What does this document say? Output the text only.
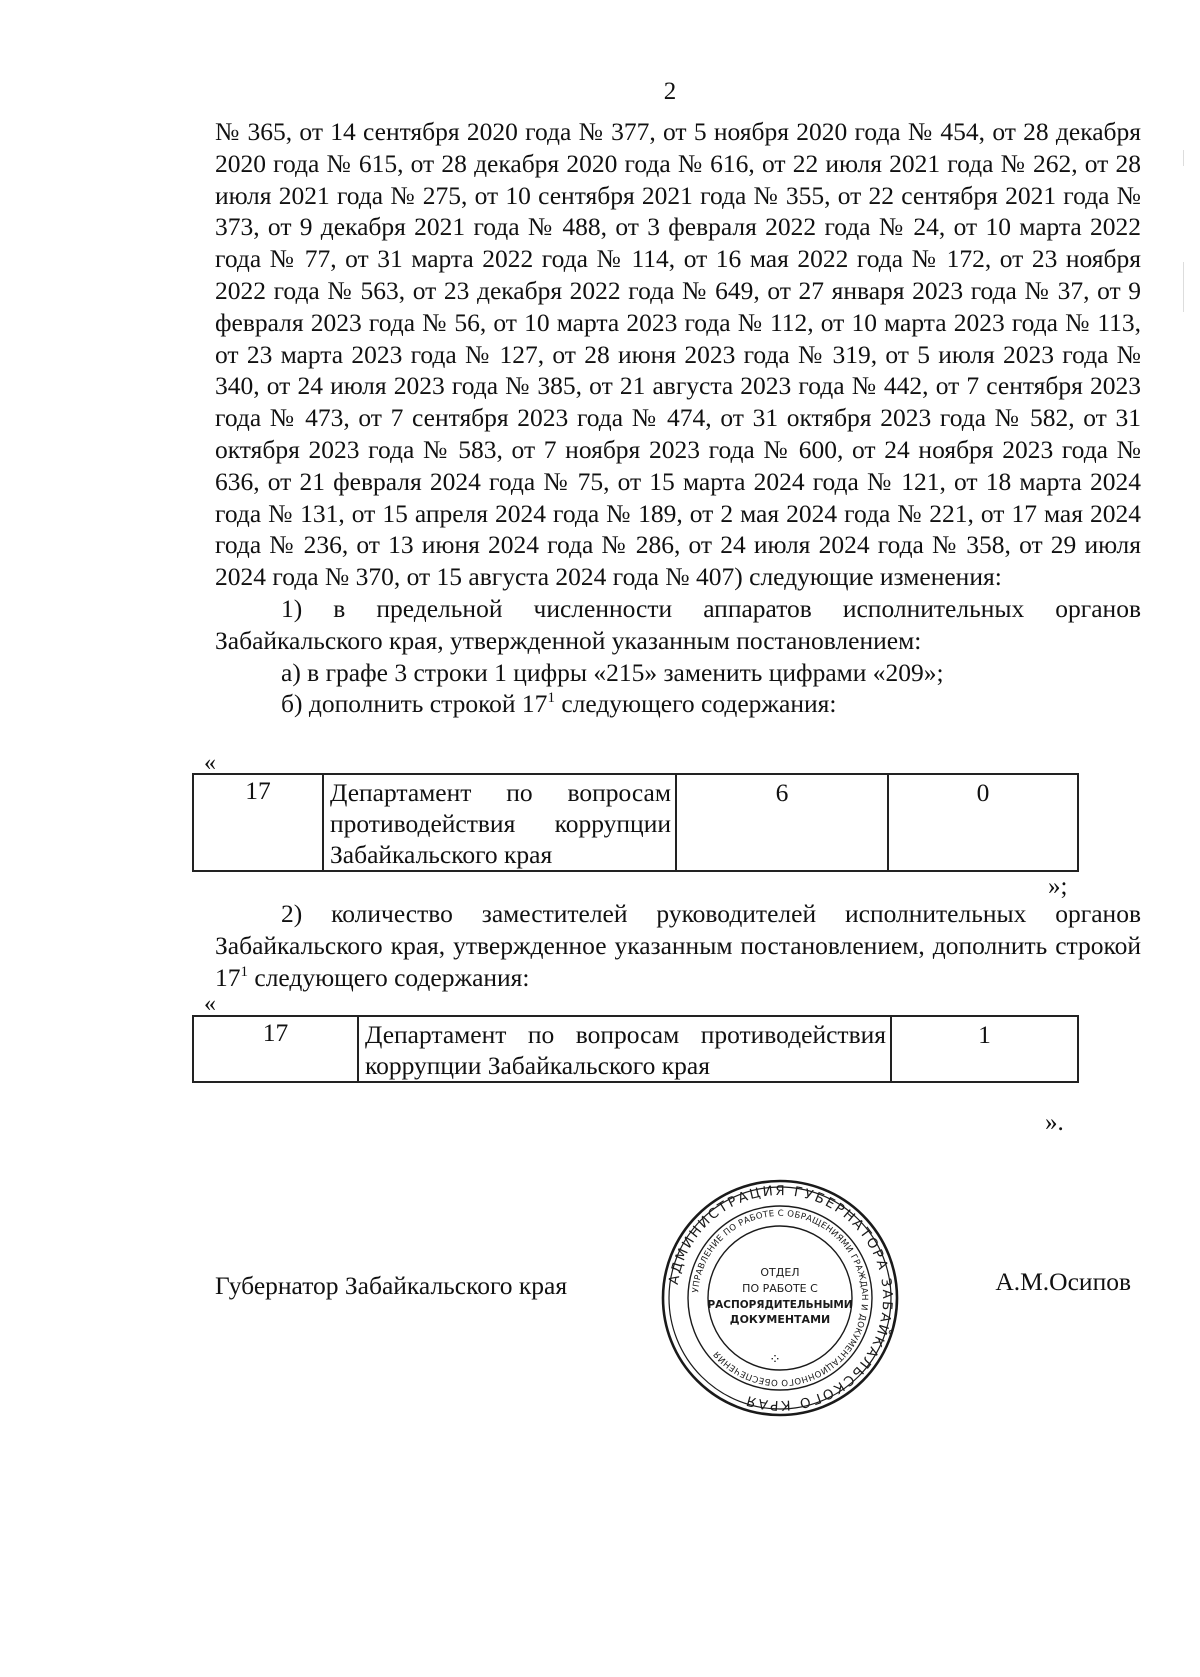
2

№ 365, от 14 сентября 2020 года № 377, от 5 ноября 2020 года № 454, от 28 декабря 2020 года № 615, от 28 декабря 2020 года № 616, от 22 июля 2021 года № 262, от 28 июля 2021 года № 275, от 10 сентября 2021 года № 355, от 22 сентября 2021 года № 373, от 9 декабря 2021 года № 488, от 3 февраля 2022 года № 24, от 10 марта 2022 года № 77, от 31 марта 2022 года № 114, от 16 мая 2022 года № 172, от 23 ноября 2022 года № 563, от 23 декабря 2022 года № 649, от 27 января 2023 года № 37, от 9 февраля 2023 года № 56, от 10 марта 2023 года № 112, от 10 марта 2023 года № 113, от 23 марта 2023 года № 127, от 28 июня 2023 года № 319, от 5 июля 2023 года № 340, от 24 июля 2023 года № 385, от 21 августа 2023 года № 442, от 7 сентября 2023 года № 473, от 7 сентября 2023 года № 474, от 31 октября 2023 года № 582, от 31 октября 2023 года № 583, от 7 ноября 2023 года № 600, от 24 ноября 2023 года № 636, от 21 февраля 2024 года № 75, от 15 марта 2024 года № 121, от 18 марта 2024 года № 131, от 15 апреля 2024 года № 189, от 2 мая 2024 года № 221, от 17 мая 2024 года № 236, от 13 июня 2024 года № 286, от 24 июля 2024 года № 358, от 29 июля 2024 года № 370, от 15 августа 2024 года № 407) следующие изменения:

1) в предельной численности аппаратов исполнительных органов Забайкальского края, утвержденной указанным постановлением:

а) в графе 3 строки 1 цифры «215» заменить цифрами «209»;

б) дополнить строкой $17^1$ следующего содержания:

«
17	Департамент по вопросам
противодействия коррупции
Забайкальского края
	6	0
»;

2) количество заместителей руководителей исполнительных органов Забайкальского края, утвержденное указанным постановлением, дополнить строкой $17^1$ следующего содержания:

«
17	Департамент по вопросам противодействия
коррупции Забайкальского края
	1
».
Губернатор Забайкальского края	А.М.Осипов
АДМИНИСТРАЦИЯ ГУБЕРНАТОРА ЗАБАЙКАЛЬСКОГО КРАЯ
УПРАВЛЕНИЕ ПО РАБОТЕ С ОБРАЩЕНИЯМИ ГРАЖДАН И ДОКУМЕНТАЦИОННОГО ОБЕСПЕЧЕНИЯ
ОТДЕЛ
ПО РАБОТЕ С
РАСПОРЯДИТЕЛЬНЫМИ
ДОКУМЕНТАМИ
⁘
